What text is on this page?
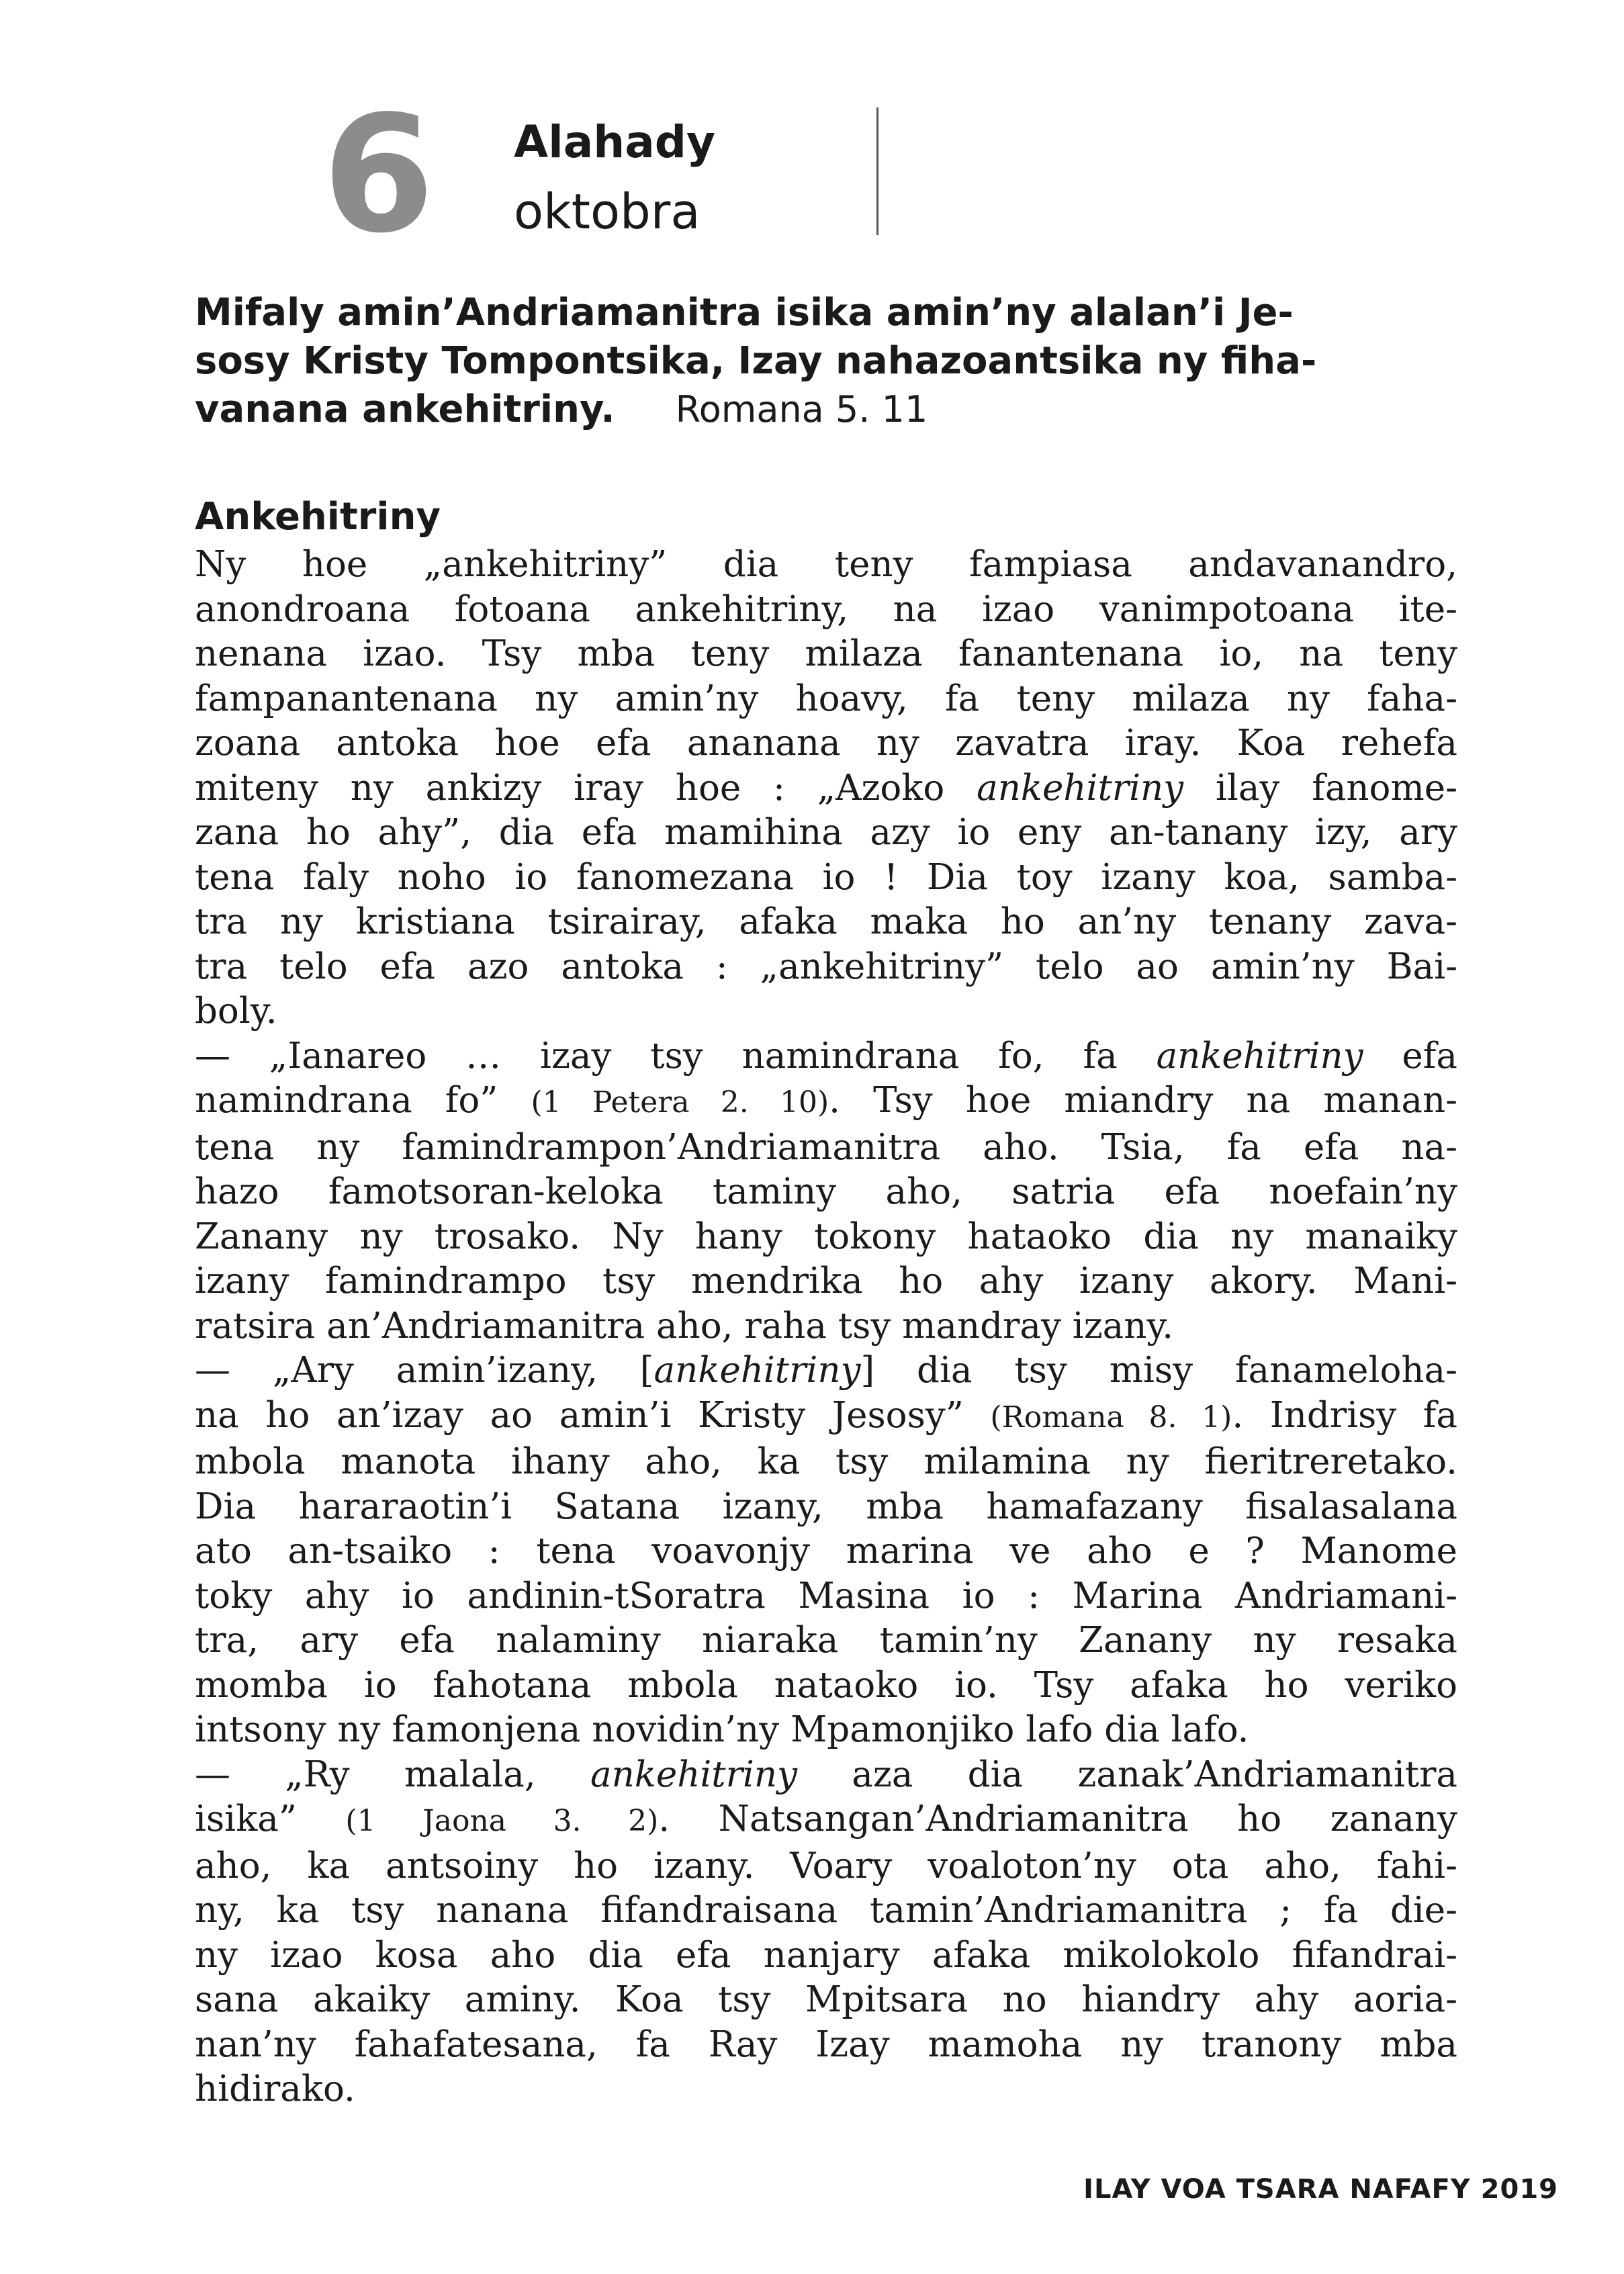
6 Alahady
oktobra
Mifaly amin’Andriamanitra isika amin’ny alalan’i Je-
sosy Kristy Tompontsika, Izay nahazoantsika ny fiha-
vanana ankehitriny. Romana 5. 11
Ankehitriny
Ny hoe „ankehitriny” dia teny fampiasa andavanandro,
anondroana fotoana ankehitriny, na izao vanimpotoana ite-
nenana izao. Tsy mba teny milaza fanantenana io, na teny
fampanantenana ny amin’ny hoavy, fa teny milaza ny faha-
zoana antoka hoe efa ananana ny zavatra iray. Koa rehefa
miteny ny ankizy iray hoe : „Azoko ankehitriny ilay fanome-
zana ho ahy”, dia efa mamihina azy io eny an-tanany izy, ary
tena faly noho io fanomezana io ! Dia toy izany koa, samba-
tra ny kristiana tsirairay, afaka maka ho an’ny tenany zava-
tra telo efa azo antoka : „ankehitriny” telo ao amin’ny Bai-
boly.
— „Ianareo … izay tsy namindrana fo, fa ankehitriny efa
namindrana fo” (1 Petera 2. 10). Tsy hoe miandry na manan-
tena ny famindrampon’Andriamanitra aho. Tsia, fa efa na-
hazo famotsoran-keloka taminy aho, satria efa noefain’ny
Zanany ny trosako. Ny hany tokony hataoko dia ny manaiky
izany famindrampo tsy mendrika ho ahy izany akory. Mani-
ratsira an’Andriamanitra aho, raha tsy mandray izany.
— „Ary amin’izany, [ankehitriny] dia tsy misy fanameloha-
na ho an’izay ao amin’i Kristy Jesosy” (Romana 8. 1). Indrisy fa
mbola manota ihany aho, ka tsy milamina ny fieritreretako.
Dia hararaotin’i Satana izany, mba hamafazany fisalasalana
ato an-tsaiko : tena voavonjy marina ve aho e ? Manome
toky ahy io andinin-tSoratra Masina io : Marina Andriamani-
tra, ary efa nalaminy niaraka tamin’ny Zanany ny resaka
momba io fahotana mbola nataoko io. Tsy afaka ho veriko
intsony ny famonjena novidin’ny Mpamonjiko lafo dia lafo.
— „Ry malala, ankehitriny aza dia zanak’Andriamanitra
isika” (1 Jaona 3. 2). Natsangan’Andriamanitra ho zanany
aho, ka antsoiny ho izany. Voary voaloton’ny ota aho, fahi-
ny, ka tsy nanana fifandraisana tamin’Andriamanitra ; fa die-
ny izao kosa aho dia efa nanjary afaka mikolokolo fifandrai-
sana akaiky aminy. Koa tsy Mpitsara no hiandry ahy aoria-
nan’ny fahafatesana, fa Ray Izay mamoha ny tranony mba
hidirako.
ILAY VOA TSARA NAFAFY 2019
